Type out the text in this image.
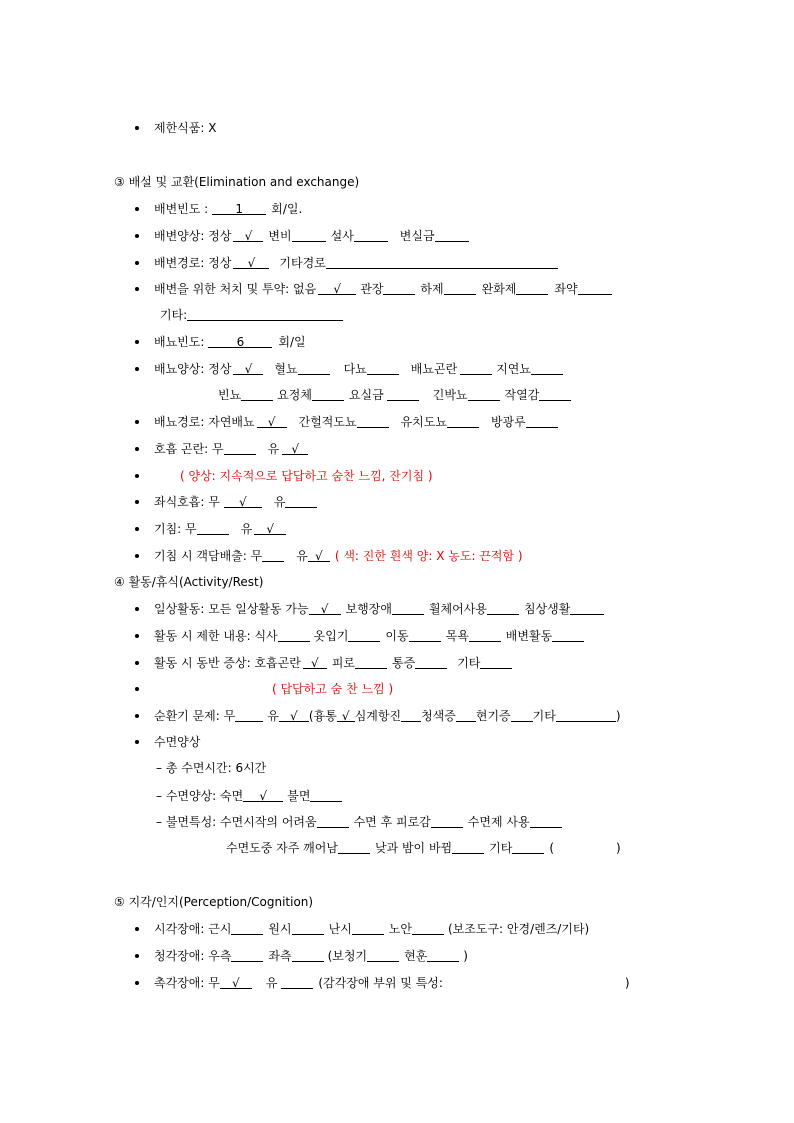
제한식품: X
③ 배설 및 교환(Elimination and exchange)
배변빈도 : 1 회/일.
배변양상: 정상 √ 변비	설사	변실금
배변경로: 정상 √ 기타경로
배변을 위한 처치 및 투약: 없음 √ 관장	하제	완화제	좌약
기타:
배뇨빈도:	6	회/일
배뇨양상: 정상 √ 혈뇨	다뇨	배뇨곤란	지연뇨
빈뇨	요정체	요실금	긴박뇨	작열감
배뇨경로: 자연배뇨 √ 간헐적도뇨	유치도뇨	방광루
호흡 곤란: 무	유 √
( 양상: 지속적으로 답답하고 숨찬 느낌, 잔기침 )
좌식호흡: 무 √ 유
기침: 무	유 √
기침 시 객담배출: 무	유 √ ( 색: 진한 흰색 양: X 농도: 끈적함 )
④ 활동/휴식(Activity/Rest)
일상활동: 모든 일상활동 가능 √ 보행장애	휠체어사용	침상생활
활동 시 제한 내용: 식사	옷입기	이동	목욕	배변활동
활동 시 동반 증상: 호흡곤란 √ 피로	통증	기타
( 답답하고 숨 찬 느낌 )
순환기 문제: 무	유 √ (흉통 √ 심계항진 청색증 현기증 기타	)
수면양상
– 총 수면시간: 6시간
– 수면양상: 숙면 √ 불면
– 불면특성: 수면시작의 어려움	수면 후 피로감	수면제 사용
수면도중 자주 깨어남	낮과 밤이 바뀜	기타	(	)
⑤ 지각/인지(Perception/Cognition)
시각장애: 근시	원시	난시	노안	(보조도구: 안경/렌즈/기타)
청각장애: 우측	좌측	(보청기	현훈	)
촉각장애: 무 √ 유	(감각장애 부위 및 특성:	)
